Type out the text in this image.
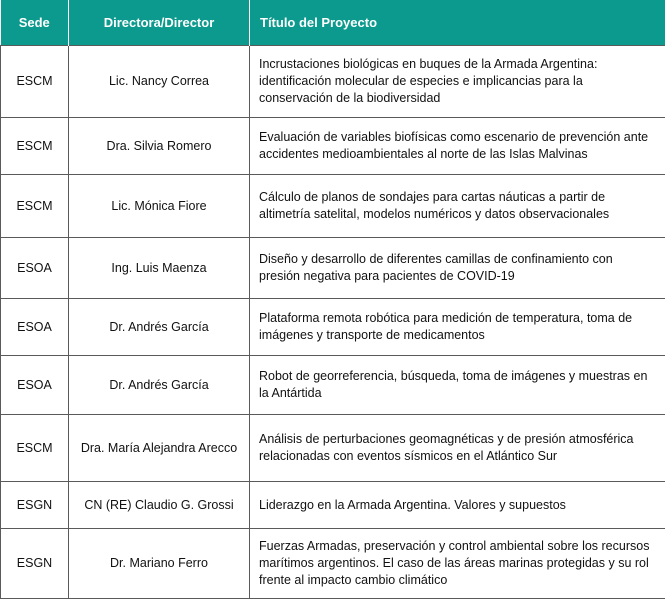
Sede	Directora/Director	Título del Proyecto
ESCM	Lic. Nancy Correa	Incrustaciones biológicas en buques de la Armada Argentina: identificación molecular de especies e implicancias para la conservación de la biodiversidad
ESCM	Dra. Silvia Romero	Evaluación de variables biofísicas como escenario de prevención ante accidentes medioambientales al norte de las Islas Malvinas
ESCM	Lic. Mónica Fiore	Cálculo de planos de sondajes para cartas náuticas a partir de altimetría satelital, modelos numéricos y datos observacionales
ESOA	Ing. Luis Maenza	Diseño y desarrollo de diferentes camillas de confinamiento con presión negativa para pacientes de COVID-19
ESOA	Dr. Andrés García	Plataforma remota robótica para medición de temperatura, toma de imágenes y transporte de medicamentos
ESOA	Dr. Andrés García	Robot de georreferencia, búsqueda, toma de imágenes y muestras en la Antártida
ESCM	Dra. María Alejandra Arecco	Análisis de perturbaciones geomagnéticas y de presión atmosférica relacionadas con eventos sísmicos en el Atlántico Sur
ESGN	CN (RE) Claudio G. Grossi	Liderazgo en la Armada Argentina. Valores y supuestos
ESGN	Dr. Mariano Ferro	Fuerzas Armadas, preservación y control ambiental sobre los recursos marítimos argentinos. El caso de las áreas marinas protegidas y su rol frente al impacto cambio climático
